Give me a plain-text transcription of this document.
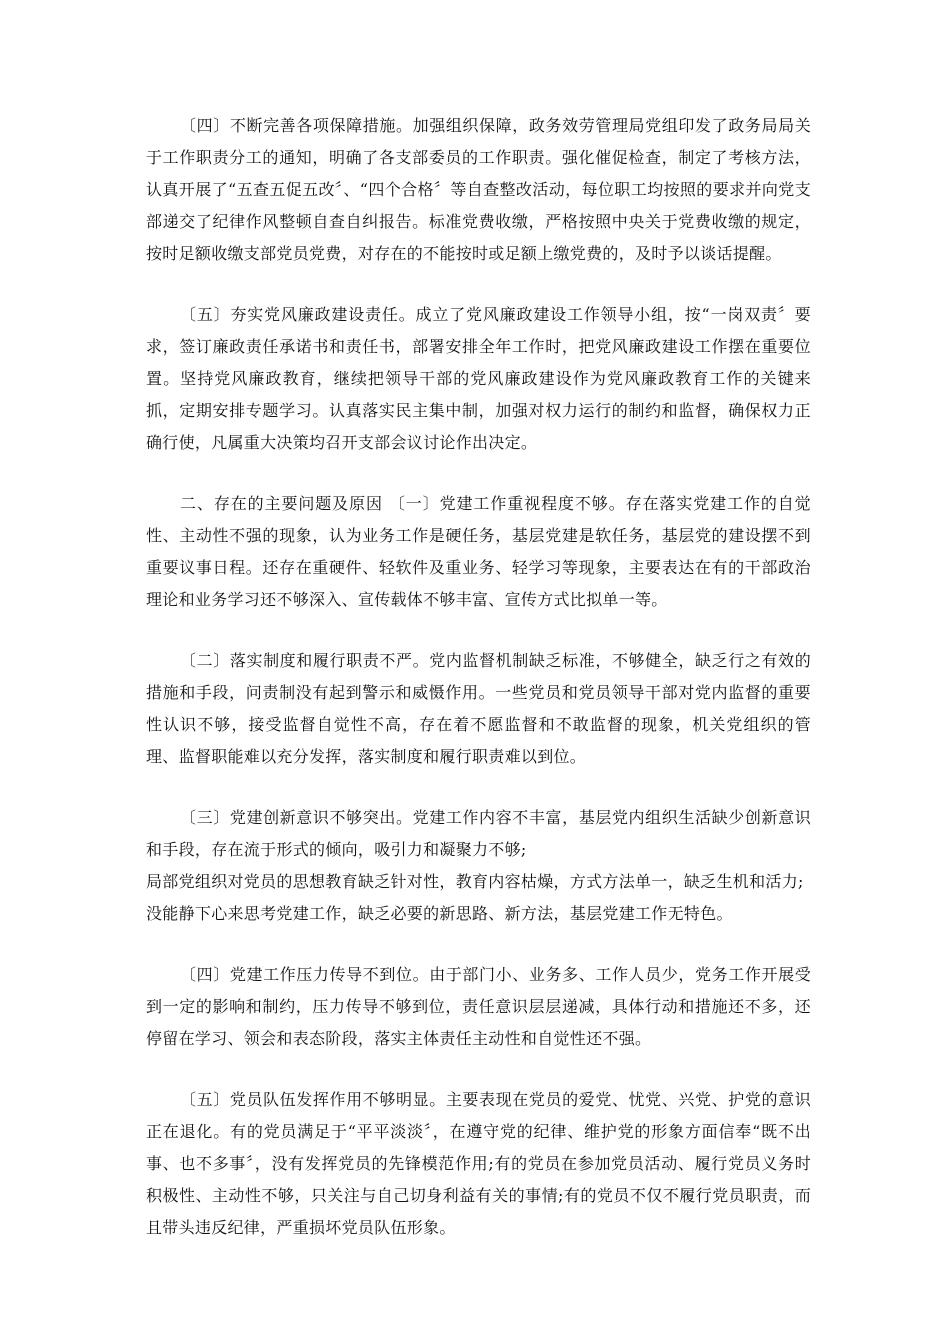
〔四〕不断完善各项保障措施。加强组织保障，政务效劳管理局党组印发了政务局局关于工作职责分工的通知，明确了各支部委员的工作职责。强化催促检查，制定了考核方法，认真开展了“五查五促五改〞、“四个合格〞等自查整改活动，每位职工均按照的要求并向党支部递交了纪律作风整顿自查自纠报告。标准党费收缴，严格按照中央关于党费收缴的规定，按时足额收缴支部党员党费，对存在的不能按时或足额上缴党费的，及时予以谈话提醒。

〔五〕夯实党风廉政建设责任。成立了党风廉政建设工作领导小组，按“一岗双责〞要求，签订廉政责任承诺书和责任书，部署安排全年工作时，把党风廉政建设工作摆在重要位置。坚持党风廉政教育，继续把领导干部的党风廉政建设作为党风廉政教育工作的关键来抓，定期安排专题学习。认真落实民主集中制，加强对权力运行的制约和监督，确保权力正确行使，凡属重大决策均召开支部会议讨论作出决定。

二、存在的主要问题及原因 〔一〕党建工作重视程度不够。存在落实党建工作的自觉性、主动性不强的现象，认为业务工作是硬任务，基层党建是软任务，基层党的建设摆不到重要议事日程。还存在重硬件、轻软件及重业务、轻学习等现象，主要表达在有的干部政治理论和业务学习还不够深入、宣传载体不够丰富、宣传方式比拟单一等。

〔二〕落实制度和履行职责不严。党内监督机制缺乏标准，不够健全，缺乏行之有效的措施和手段，问责制没有起到警示和威慑作用。一些党员和党员领导干部对党内监督的重要性认识不够，接受监督自觉性不高，存在着不愿监督和不敢监督的现象，机关党组织的管理、监督职能难以充分发挥，落实制度和履行职责难以到位。

〔三〕党建创新意识不够突出。党建工作内容不丰富，基层党内组织生活缺少创新意识和手段，存在流于形式的倾向，吸引力和凝聚力不够;

局部党组织对党员的思想教育缺乏针对性，教育内容枯燥，方式方法单一，缺乏生机和活力;

没能静下心来思考党建工作，缺乏必要的新思路、新方法，基层党建工作无特色。

〔四〕党建工作压力传导不到位。由于部门小、业务多、工作人员少，党务工作开展受到一定的影响和制约，压力传导不够到位，责任意识层层递减，具体行动和措施还不多，还停留在学习、领会和表态阶段，落实主体责任主动性和自觉性还不强。

〔五〕党员队伍发挥作用不够明显。主要表现在党员的爱党、忧党、兴党、护党的意识正在退化。有的党员满足于“平平淡淡〞，在遵守党的纪律、维护党的形象方面信奉“既不出事、也不多事〞，没有发挥党员的先锋模范作用;有的党员在参加党员活动、履行党员义务时积极性、主动性不够，只关注与自己切身利益有关的事情;有的党员不仅不履行党员职责，而且带头违反纪律，严重损坏党员队伍形象。
